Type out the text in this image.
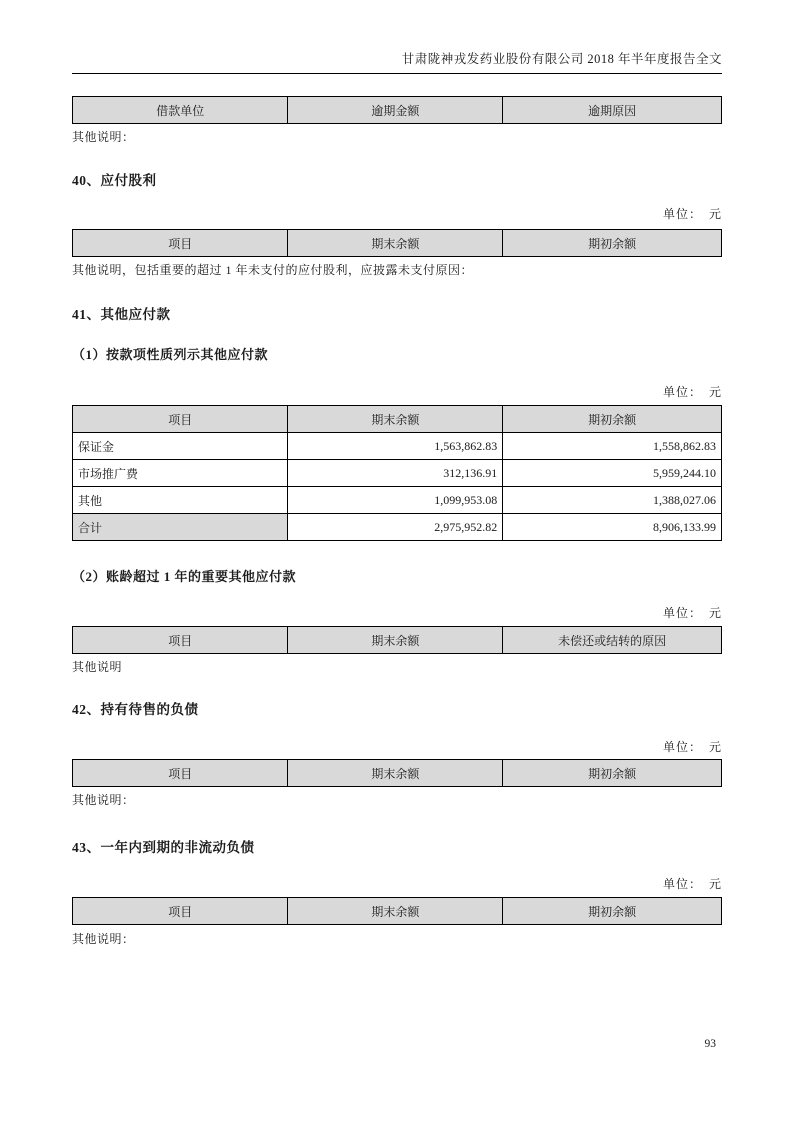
甘肃陇神戎发药业股份有限公司 2018 年半年度报告全文
借款单位	逾期金额	逾期原因
其他说明：
40、应付股利
单位：　元
项目	期末余额	期初余额
其他说明，包括重要的超过 1 年未支付的应付股利，应披露未支付原因：
41、其他应付款
（1）按款项性质列示其他应付款
单位：　元
项目	期末余额	期初余额
保证金	1,563,862.83	1,558,862.83
市场推广费	312,136.91	5,959,244.10
其他	1,099,953.08	1,388,027.06
合计	2,975,952.82	8,906,133.99
（2）账龄超过 1 年的重要其他应付款
单位：　元
项目	期末余额	未偿还或结转的原因
其他说明
42、持有待售的负债
单位：　元
项目	期末余额	期初余额
其他说明：
43、一年内到期的非流动负债
单位：　元
项目	期末余额	期初余额
其他说明：
93
